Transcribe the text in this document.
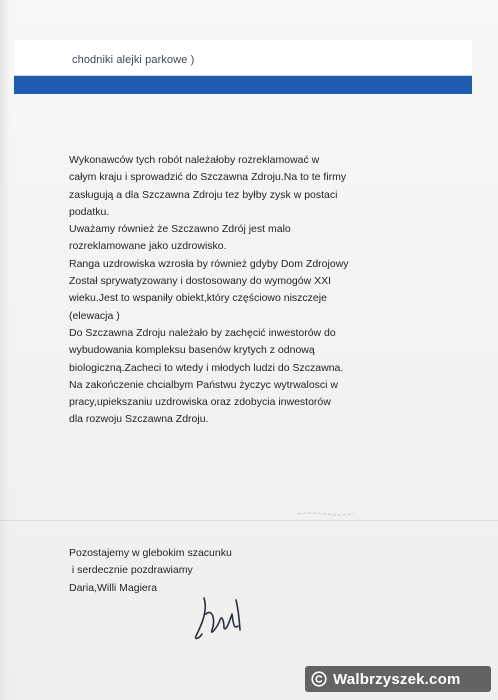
chodniki alejki parkowe )
Wykonawców tych robót należałoby rozreklamować w
całym kraju i sprowadzić do Szczawna Zdroju.Na to te firmy
zasługują a dla Szczawna Zdroju tez byłby zysk w postaci
podatku.
Uważamy również że Szczawno Zdrój jest malo
rozreklamowane jako uzdrowisko.
Ranga uzdrowiska wzrosła by również gdyby Dom Zdrojowy
Został sprywatyzowany i dostosowany do wymogów XXI
wieku.Jest to wspaniły obiekt,który częściowo niszczeje
(elewacja )
Do Szczawna Zdroju należało by zachęcić inwestorów do
wybudowania kompleksu basenów krytych z odnową
biologiczną.Zacheci to wtedy i młodych ludzi do Szczawna.
Na zakończenie chcialbym Państwu życzyc wytrwalosci w
pracy,upiekszaniu uzdrowiska oraz zdobycia inwestorów
dla rozwoju Szczawna Zdroju.
Pozostajemy w glebokim szacunku
i serdecznie pozdrawiamy
Daria,Willi Magiera
Walbrzyszek.com
